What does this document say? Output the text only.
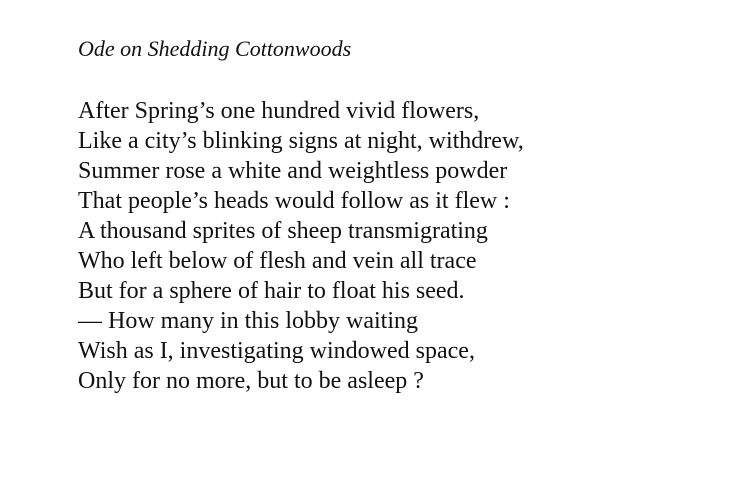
Ode on Shedding Cottonwoods
After Spring’s one hundred vivid flowers,
Like a city’s blinking signs at night, withdrew,
Summer rose a white and weightless powder
That people’s heads would follow as it flew :
A thousand sprites of sheep transmigrating
Who left below of flesh and vein all trace
But for a sphere of hair to float his seed.
— How many in this lobby waiting
Wish as I, investigating windowed space,
Only for no more, but to be asleep ?
